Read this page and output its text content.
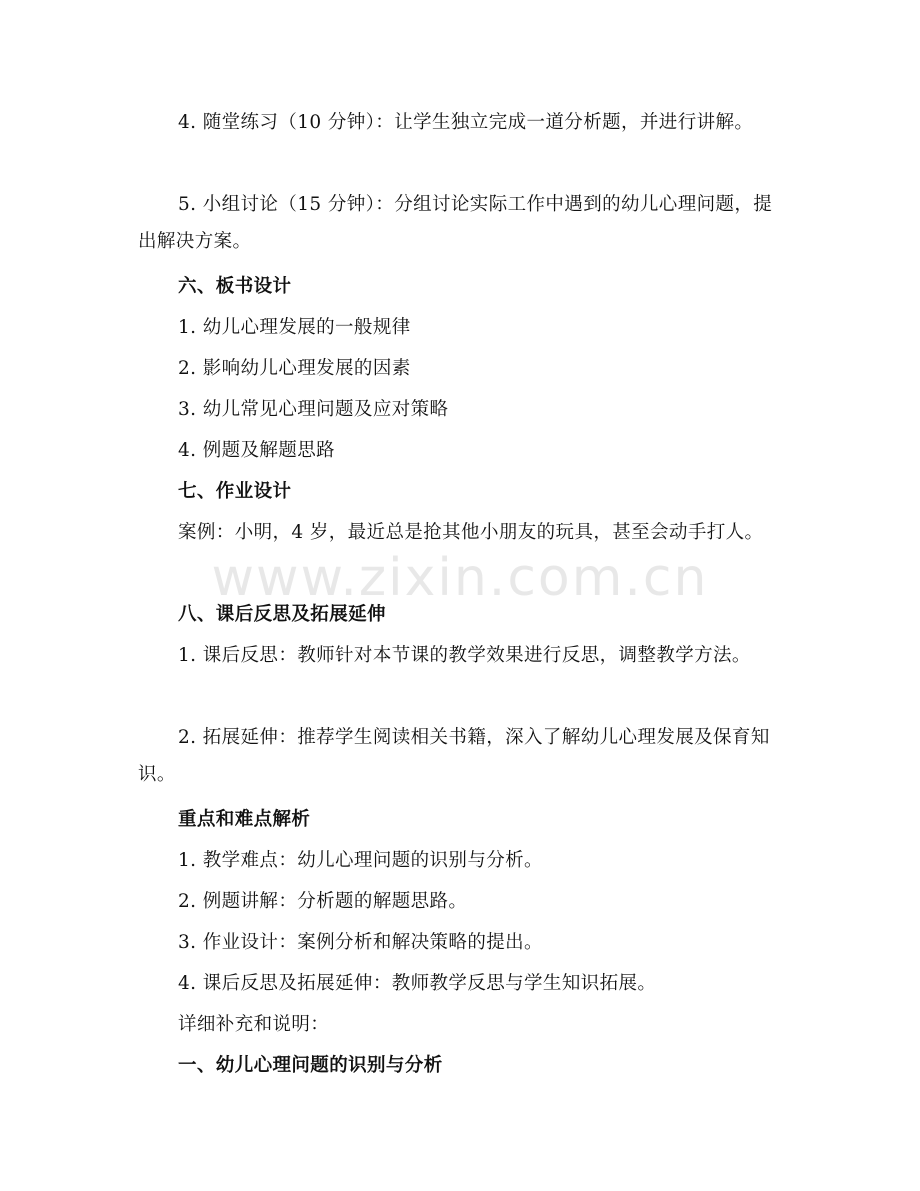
4. 随堂练习（10 分钟）：让学生独立完成一道分析题，并进行讲解。

5. 小组讨论（15 分钟）：分组讨论实际工作中遇到的幼儿心理问题，提出解决方案。

六、板书设计

1. 幼儿心理发展的一般规律

2. 影响幼儿心理发展的因素

3. 幼儿常见心理问题及应对策略

4. 例题及解题思路

七、作业设计

案例：小明，4 岁，最近总是抢其他小朋友的玩具，甚至会动手打人。

八、课后反思及拓展延伸

1. 课后反思：教师针对本节课的教学效果进行反思，调整教学方法。

2. 拓展延伸：推荐学生阅读相关书籍，深入了解幼儿心理发展及保育知识。

重点和难点解析

1. 教学难点：幼儿心理问题的识别与分析。

2. 例题讲解：分析题的解题思路。

3. 作业设计：案例分析和解决策略的提出。

4. 课后反思及拓展延伸：教师教学反思与学生知识拓展。

详细补充和说明：

一、幼儿心理问题的识别与分析

www.zixin.com.cn
